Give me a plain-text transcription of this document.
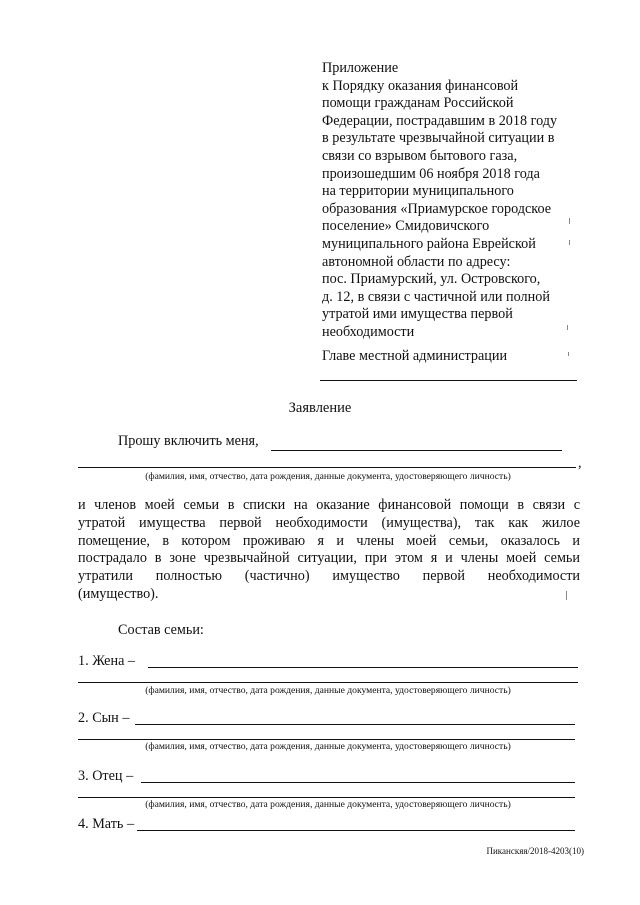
Приложение
к Порядку оказания финансовой
помощи гражданам Российской
Федерации, пострадавшим в 2018 году
в результате чрезвычайной ситуации в
связи со взрывом бытового газа,
произошедшим 06 ноября 2018 года
на территории муниципального
образования «Приамурское городское
поселение» Смидовичского
муниципального района Еврейской
автономной области по адресу:
пос. Приамурский, ул. Островского,
д. 12, в связи с частичной или полной
утратой ими имущества первой
необходимости
Главе местной администрации
Заявление
Прошу включить меня,
,
(фамилия, имя, отчество, дата рождения, данные документа, удостоверяющего личность)
и членов моей семьи в списки на оказание финансовой помощи в связи с
утратой имущества первой необходимости (имущества), так как жилое
помещение, в котором проживаю я и члены моей семьи, оказалось и
пострадало в зоне чрезвычайной ситуации, при этом я и члены моей семьи
утратили полностью (частично) имущество первой необходимости
(имущество).
Состав семьи:
1. Жена –
(фамилия, имя, отчество, дата рождения, данные документа, удостоверяющего личность)
2. Сын –
(фамилия, имя, отчество, дата рождения, данные документа, удостоверяющего личность)
3. Отец –
(фамилия, имя, отчество, дата рождения, данные документа, удостоверяющего личность)
4. Мать –
Пиканскяя/2018-4203(10)
